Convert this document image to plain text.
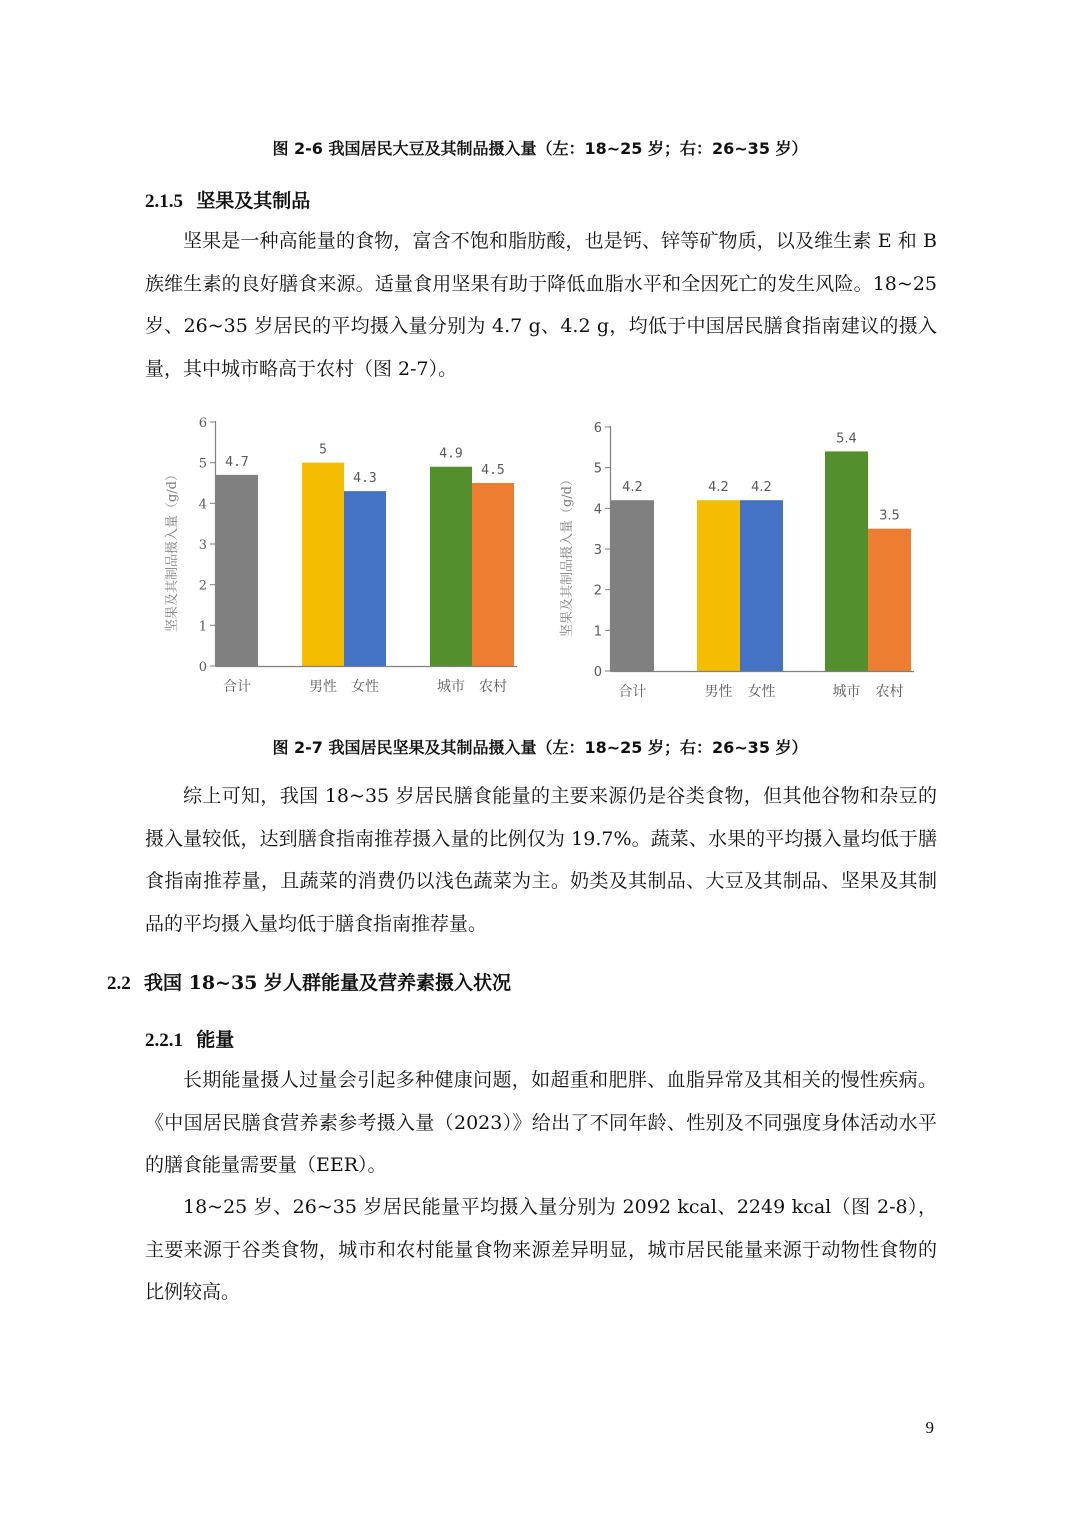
图 2-6 我国居民大豆及其制品摄入量（左：18~25 岁；右：26~35 岁）
2.1.5 坚果及其制品

坚果是一种高能量的食物，富含不饱和脂肪酸，也是钙、锌等矿物质，以及维生素 E 和 B 族维生素的良好膳食来源。适量食用坚果有助于降低血脂水平和全因死亡的发生风险。18~25 岁、26~35 岁居民的平均摄入量分别为 4.7 g、4.2 g，均低于中国居民膳食指南建议的摄入量，其中城市略高于农村（图 2-7）。

4.7
5
4.3
4.9
4.5
0
1
2
3
4
5
6
合计	男性 女性	城市 农村
坚果及其制品摄入量（g/d）	4.2	4.2 4.2
5.4
3.5
0
1
2
3
4
5
6
合计	男性 女性	城市 农村
坚果及其制品摄入量（g/d）
图 2-7 我国居民坚果及其制品摄入量（左：18~25 岁；右：26~35 岁）

综上可知，我国 18~35 岁居民膳食能量的主要来源仍是谷类食物，但其他谷物和杂豆的摄入量较低，达到膳食指南推荐摄入量的比例仅为 19.7%。蔬菜、水果的平均摄入量均低于膳食指南推荐量，且蔬菜的消费仍以浅色蔬菜为主。奶类及其制品、大豆及其制品、坚果及其制品的平均摄入量均低于膳食指南推荐量。

2.2 我国 18~35 岁人群能量及营养素摄入状况
2.2.1 能量

长期能量摄人过量会引起多种健康问题，如超重和肥胖、血脂异常及其相关的慢性疾病。《中国居民膳食营养素参考摄入量（2023）》给出了不同年龄、性别及不同强度身体活动水平的膳食能量需要量（EER）。

18~25 岁、26~35 岁居民能量平均摄入量分别为 2092 kcal、2249 kcal（图 2-8），主要来源于谷类食物，城市和农村能量食物来源差异明显，城市居民能量来源于动物性食物的比例较高。

9
